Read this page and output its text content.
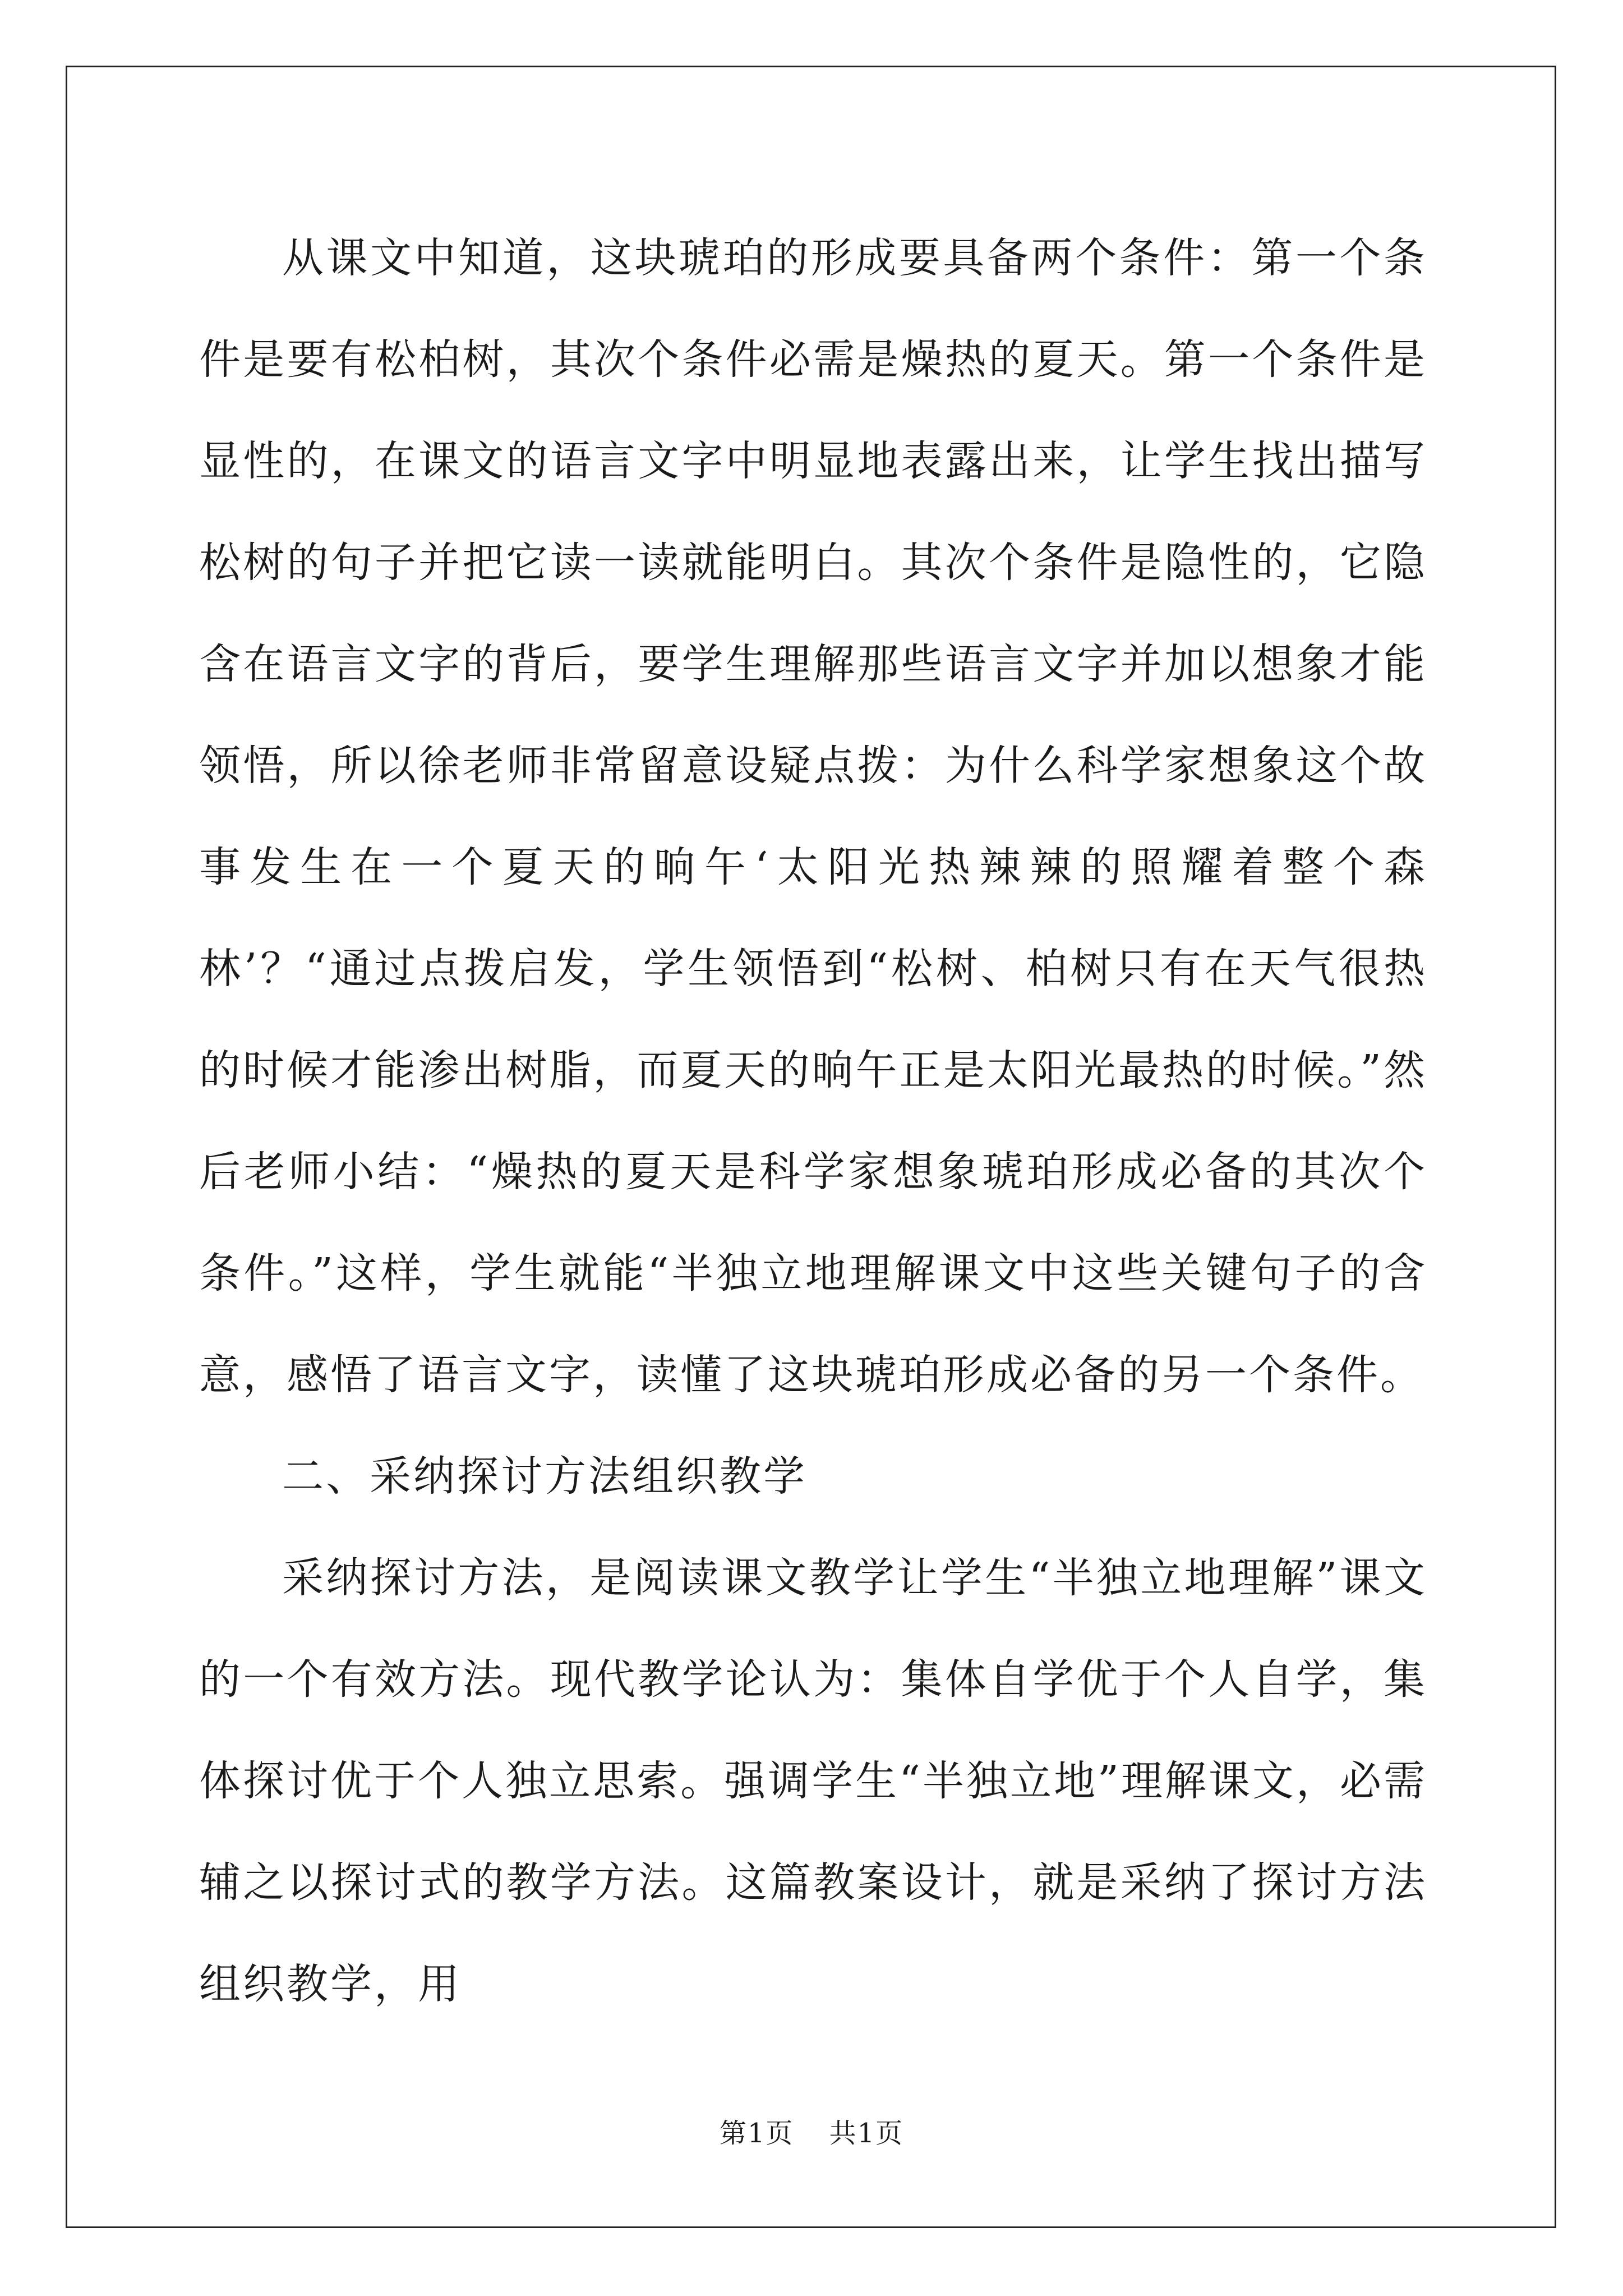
从课文中知道，这块琥珀的形成要具备两个条件：第一个条件是要有松柏树，其次个条件必需是燥热的夏天。第一个条件是显性的，在课文的语言文字中明显地表露出来，让学生找出描写松树的句子并把它读一读就能明白。其次个条件是隐性的，它隐含在语言文字的背后，要学生理解那些语言文字并加以想象才能领悟，所以徐老师非常留意设疑点拨：为什么科学家想象这个故事发生在一个夏天的晌午‘太阳光热辣辣的照耀着整个森林’？“通过点拨启发，学生领悟到“松树、柏树只有在天气很热的时候才能渗出树脂，而夏天的晌午正是太阳光最热的时候。”然后老师小结：“燥热的夏天是科学家想象琥珀形成必备的其次个条件。”这样，学生就能“半独立地理解课文中这些关键句子的含意，感悟了语言文字，读懂了这块琥珀形成必备的另一个条件。

二、采纳探讨方法组织教学

采纳探讨方法，是阅读课文教学让学生“半独立地理解”课文的一个有效方法。现代教学论认为：集体自学优于个人自学，集体探讨优于个人独立思索。强调学生“半独立地”理解课文，必需辅之以探讨式的教学方法。这篇教案设计，就是采纳了探讨方法组织教学，用

第1页 共1页
